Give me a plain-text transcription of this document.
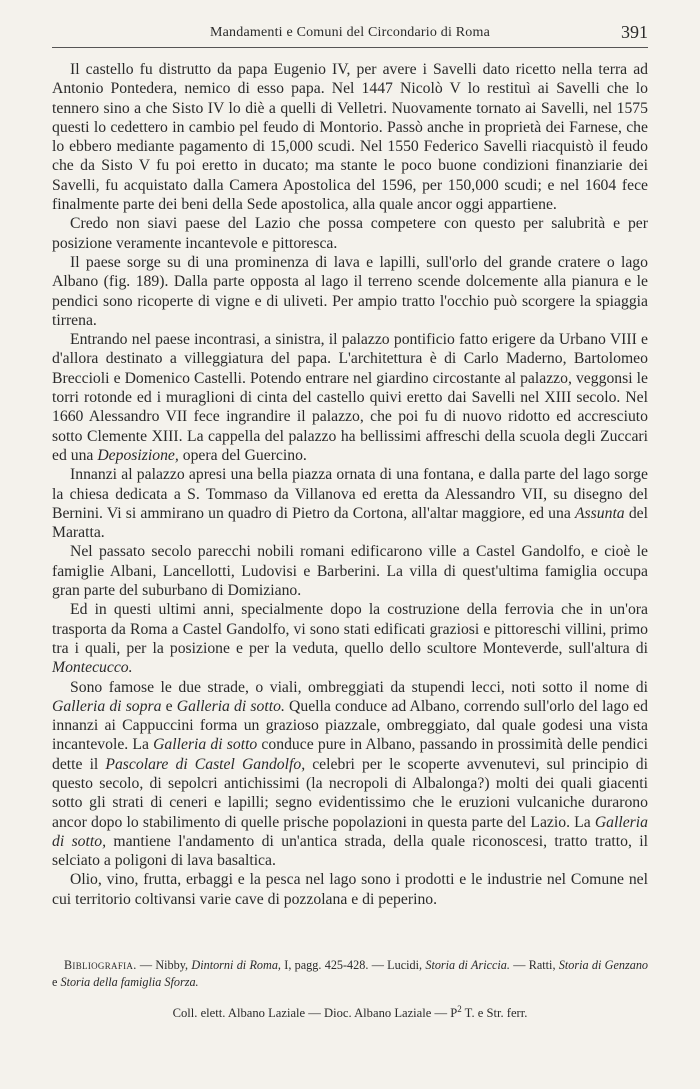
Mandamenti e Comuni del Circondario di Roma	391

Il castello fu distrutto da papa Eugenio IV, per avere i Savelli dato ricetto nella terra ad Antonio Pontedera, nemico di esso papa. Nel 1447 Nicolò V lo restituì ai Savelli che lo tennero sino a che Sisto IV lo diè a quelli di Velletri. Nuovamente tornato ai Savelli, nel 1575 questi lo cedettero in cambio pel feudo di Montorio. Passò anche in proprietà dei Farnese, che lo ebbero mediante pagamento di 15,000 scudi. Nel 1550 Federico Savelli riacquistò il feudo che da Sisto V fu poi eretto in ducato; ma stante le poco buone condizioni finanziarie dei Savelli, fu acquistato dalla Camera Apostolica del 1596, per 150,000 scudi; e nel 1604 fece finalmente parte dei beni della Sede apostolica, alla quale ancor oggi appartiene.

Credo non siavi paese del Lazio che possa competere con questo per salubrità e per posizione veramente incantevole e pittoresca.

Il paese sorge su di una prominenza di lava e lapilli, sull'orlo del grande cratere o lago Albano (fig. 189). Dalla parte opposta al lago il terreno scende dolcemente alla pianura e le pendici sono ricoperte di vigne e di uliveti. Per ampio tratto l'occhio può scorgere la spiaggia tirrena.

Entrando nel paese incontrasi, a sinistra, il palazzo pontificio fatto erigere da Urbano VIII e d'allora destinato a villeggiatura del papa. L'architettura è di Carlo Maderno, Bartolomeo Breccioli e Domenico Castelli. Potendo entrare nel giardino circostante al palazzo, veggonsi le torri rotonde ed i muraglioni di cinta del castello quivi eretto dai Savelli nel XIII secolo. Nel 1660 Alessandro VII fece ingrandire il palazzo, che poi fu di nuovo ridotto ed accresciuto sotto Clemente XIII. La cappella del palazzo ha bellissimi affreschi della scuola degli Zuccari ed una Deposizione, opera del Guercino.

Innanzi al palazzo apresi una bella piazza ornata di una fontana, e dalla parte del lago sorge la chiesa dedicata a S. Tommaso da Villanova ed eretta da Alessandro VII, su disegno del Bernini. Vi si ammirano un quadro di Pietro da Cortona, all'altar maggiore, ed una Assunta del Maratta.

Nel passato secolo parecchi nobili romani edificarono ville a Castel Gandolfo, e cioè le famiglie Albani, Lancellotti, Ludovisi e Barberini. La villa di quest'ultima famiglia occupa gran parte del suburbano di Domiziano.

Ed in questi ultimi anni, specialmente dopo la costruzione della ferrovia che in un'ora trasporta da Roma a Castel Gandolfo, vi sono stati edificati graziosi e pittoreschi villini, primo tra i quali, per la posizione e per la veduta, quello dello scultore Monteverde, sull'altura di Montecucco.

Sono famose le due strade, o viali, ombreggiati da stupendi lecci, noti sotto il nome di Galleria di sopra e Galleria di sotto. Quella conduce ad Albano, correndo sull'orlo del lago ed innanzi ai Cappuccini forma un grazioso piazzale, ombreggiato, dal quale godesi una vista incantevole. La Galleria di sotto conduce pure in Albano, passando in prossimità delle pendici dette il Pascolare di Castel Gandolfo, celebri per le scoperte avvenutevi, sul principio di questo secolo, di sepolcri antichissimi (la necropoli di Albalonga?) molti dei quali giacenti sotto gli strati di ceneri e lapilli; segno evidentissimo che le eruzioni vulcaniche durarono ancor dopo lo stabilimento di quelle prische popolazioni in questa parte del Lazio. La Galleria di sotto, mantiene l'andamento di un'antica strada, della quale riconoscesi, tratto tratto, il selciato a poligoni di lava basaltica.

Olio, vino, frutta, erbaggi e la pesca nel lago sono i prodotti e le industrie nel Comune nel cui territorio coltivansi varie cave di pozzolana e di peperino.

Bibliografia. — Nibby, Dintorni di Roma, I, pagg. 425-428. — Lucidi, Storia di Ariccia. — Ratti, Storia di Genzano e Storia della famiglia Sforza.
Coll. elett. Albano Laziale — Dioc. Albano Laziale — $P^2$ T. e Str. ferr.
